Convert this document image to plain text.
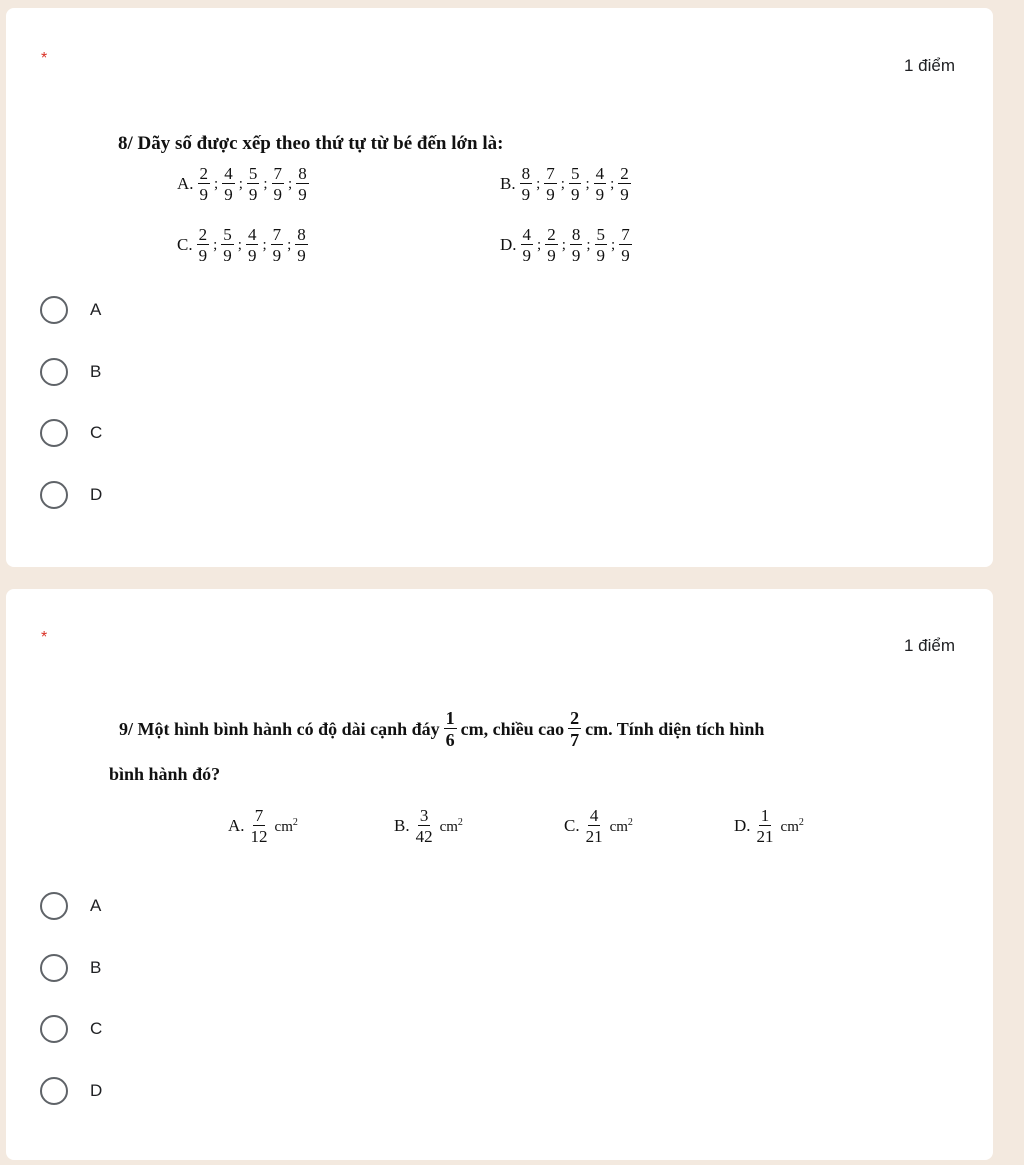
*	1 điểm
8/ Dãy số được xếp theo thứ tự từ bé đến lớn là:
A. $\frac{2}{9}$ ; $\frac{4}{9}$ ; $\frac{5}{9}$ ; $\frac{7}{9}$ ; $\frac{8}{9}$	B. $\frac{8}{9}$ ; $\frac{7}{9}$ ; $\frac{5}{9}$ ; $\frac{4}{9}$ ; $\frac{2}{9}$
C. $\frac{2}{9}$ ; $\frac{5}{9}$ ; $\frac{4}{9}$ ; $\frac{7}{9}$ ; $\frac{8}{9}$	D. $\frac{4}{9}$ ; $\frac{2}{9}$ ; $\frac{8}{9}$ ; $\frac{5}{9}$ ; $\frac{7}{9}$
A
B
C
D
*	1 điểm
9/ Một hình bình hành có độ dài cạnh đáy $\frac{1}{6}$ cm, chiều cao $\frac{2}{7}$ cm. Tính diện tích hình
bình hành đó?
A. $\frac{7}{12} cm^2$	B. $\frac{3}{42} cm^2$	C. $\frac{4}{21} cm^2$	D. $\frac{1}{21} cm^2$
A
B
C
D
